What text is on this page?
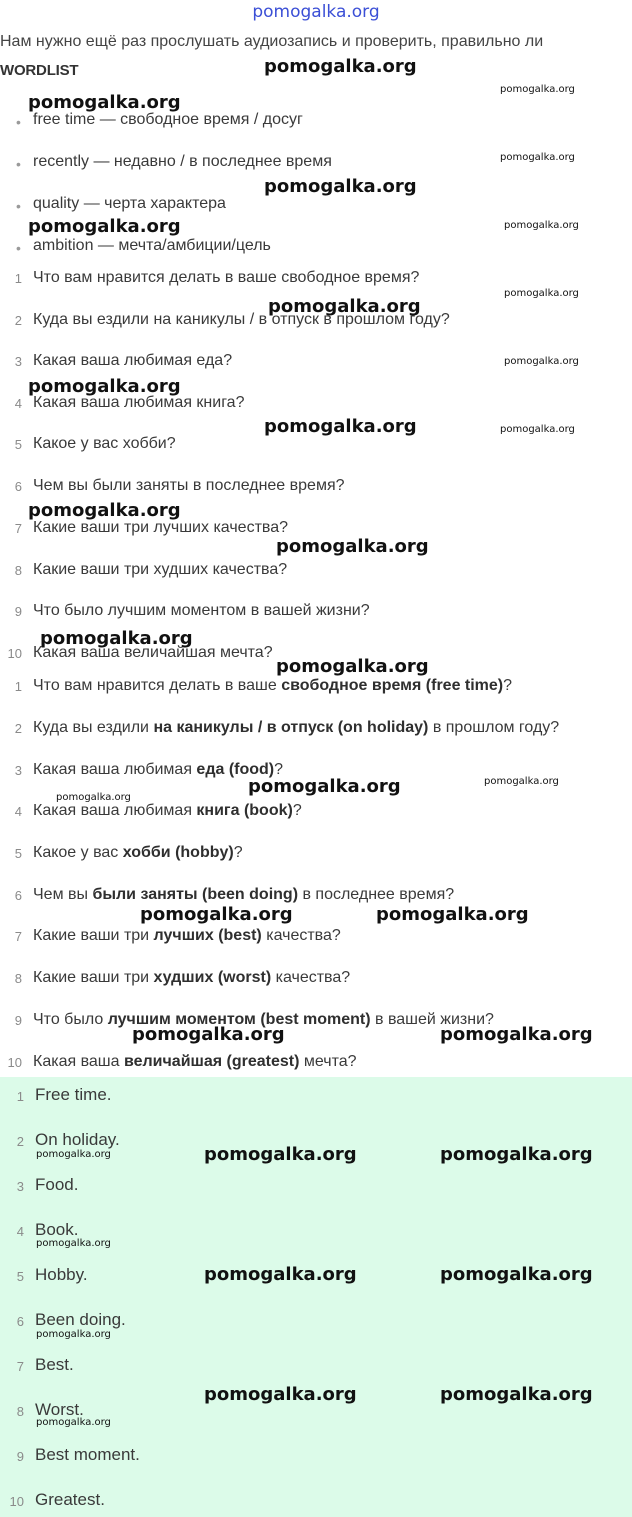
pomogalka.org
Нам нужно ещё раз прослушать аудиозапись и проверить, правильно ли
WORDLIST
• free time — свободное время / досуг
• recently — недавно / в последнее время
• quality — черта характера
• ambition — мечта/амбиции/цель
1 Что вам нравится делать в ваше свободное время?
2 Куда вы ездили на каникулы / в отпуск в прошлом году?
3 Какая ваша любимая еда?
4 Какая ваша любимая книга?
5 Какое у вас хобби?
6 Чем вы были заняты в последнее время?
7 Какие ваши три лучших качества?
8 Какие ваши три худших качества?
9 Что было лучшим моментом в вашей жизни?
10 Какая ваша величайшая мечта?
1 Что вам нравится делать в ваше свободное время (free time)?
2 Куда вы ездили на каникулы / в отпуск (on holiday) в прошлом году?
3 Какая ваша любимая еда (food)?
4 Какая ваша любимая книга (book)?
5 Какое у вас хобби (hobby)?
6 Чем вы были заняты (been doing) в последнее время?
7 Какие ваши три лучших (best) качества?
8 Какие ваши три худших (worst) качества?
9 Что было лучшим моментом (best moment) в вашей жизни?
10 Какая ваша величайшая (greatest) мечта?
1 Free time.
2 On holiday.
3 Food.
4 Book.
5 Hobby.
6 Been doing.
7 Best.
8 Worst.
9 Best moment.
10 Greatest.
pomogalka.org
pomogalka.org
pomogalka.org
pomogalka.org
pomogalka.org
pomogalka.org	pomogalka.org
pomogalka.org
pomogalka.org
pomogalka.org
pomogalka.org
pomogalka.org	pomogalka.org
pomogalka.org
pomogalka.org
pomogalka.org
pomogalka.org
pomogalka.org
pomogalka.org
pomogalka.org
pomogalka.org	pomogalka.org
pomogalka.org	pomogalka.org
pomogalka.org	pomogalka.org	pomogalka.org
pomogalka.org
pomogalka.org	pomogalka.org
pomogalka.org
pomogalka.org	pomogalka.org
pomogalka.org
